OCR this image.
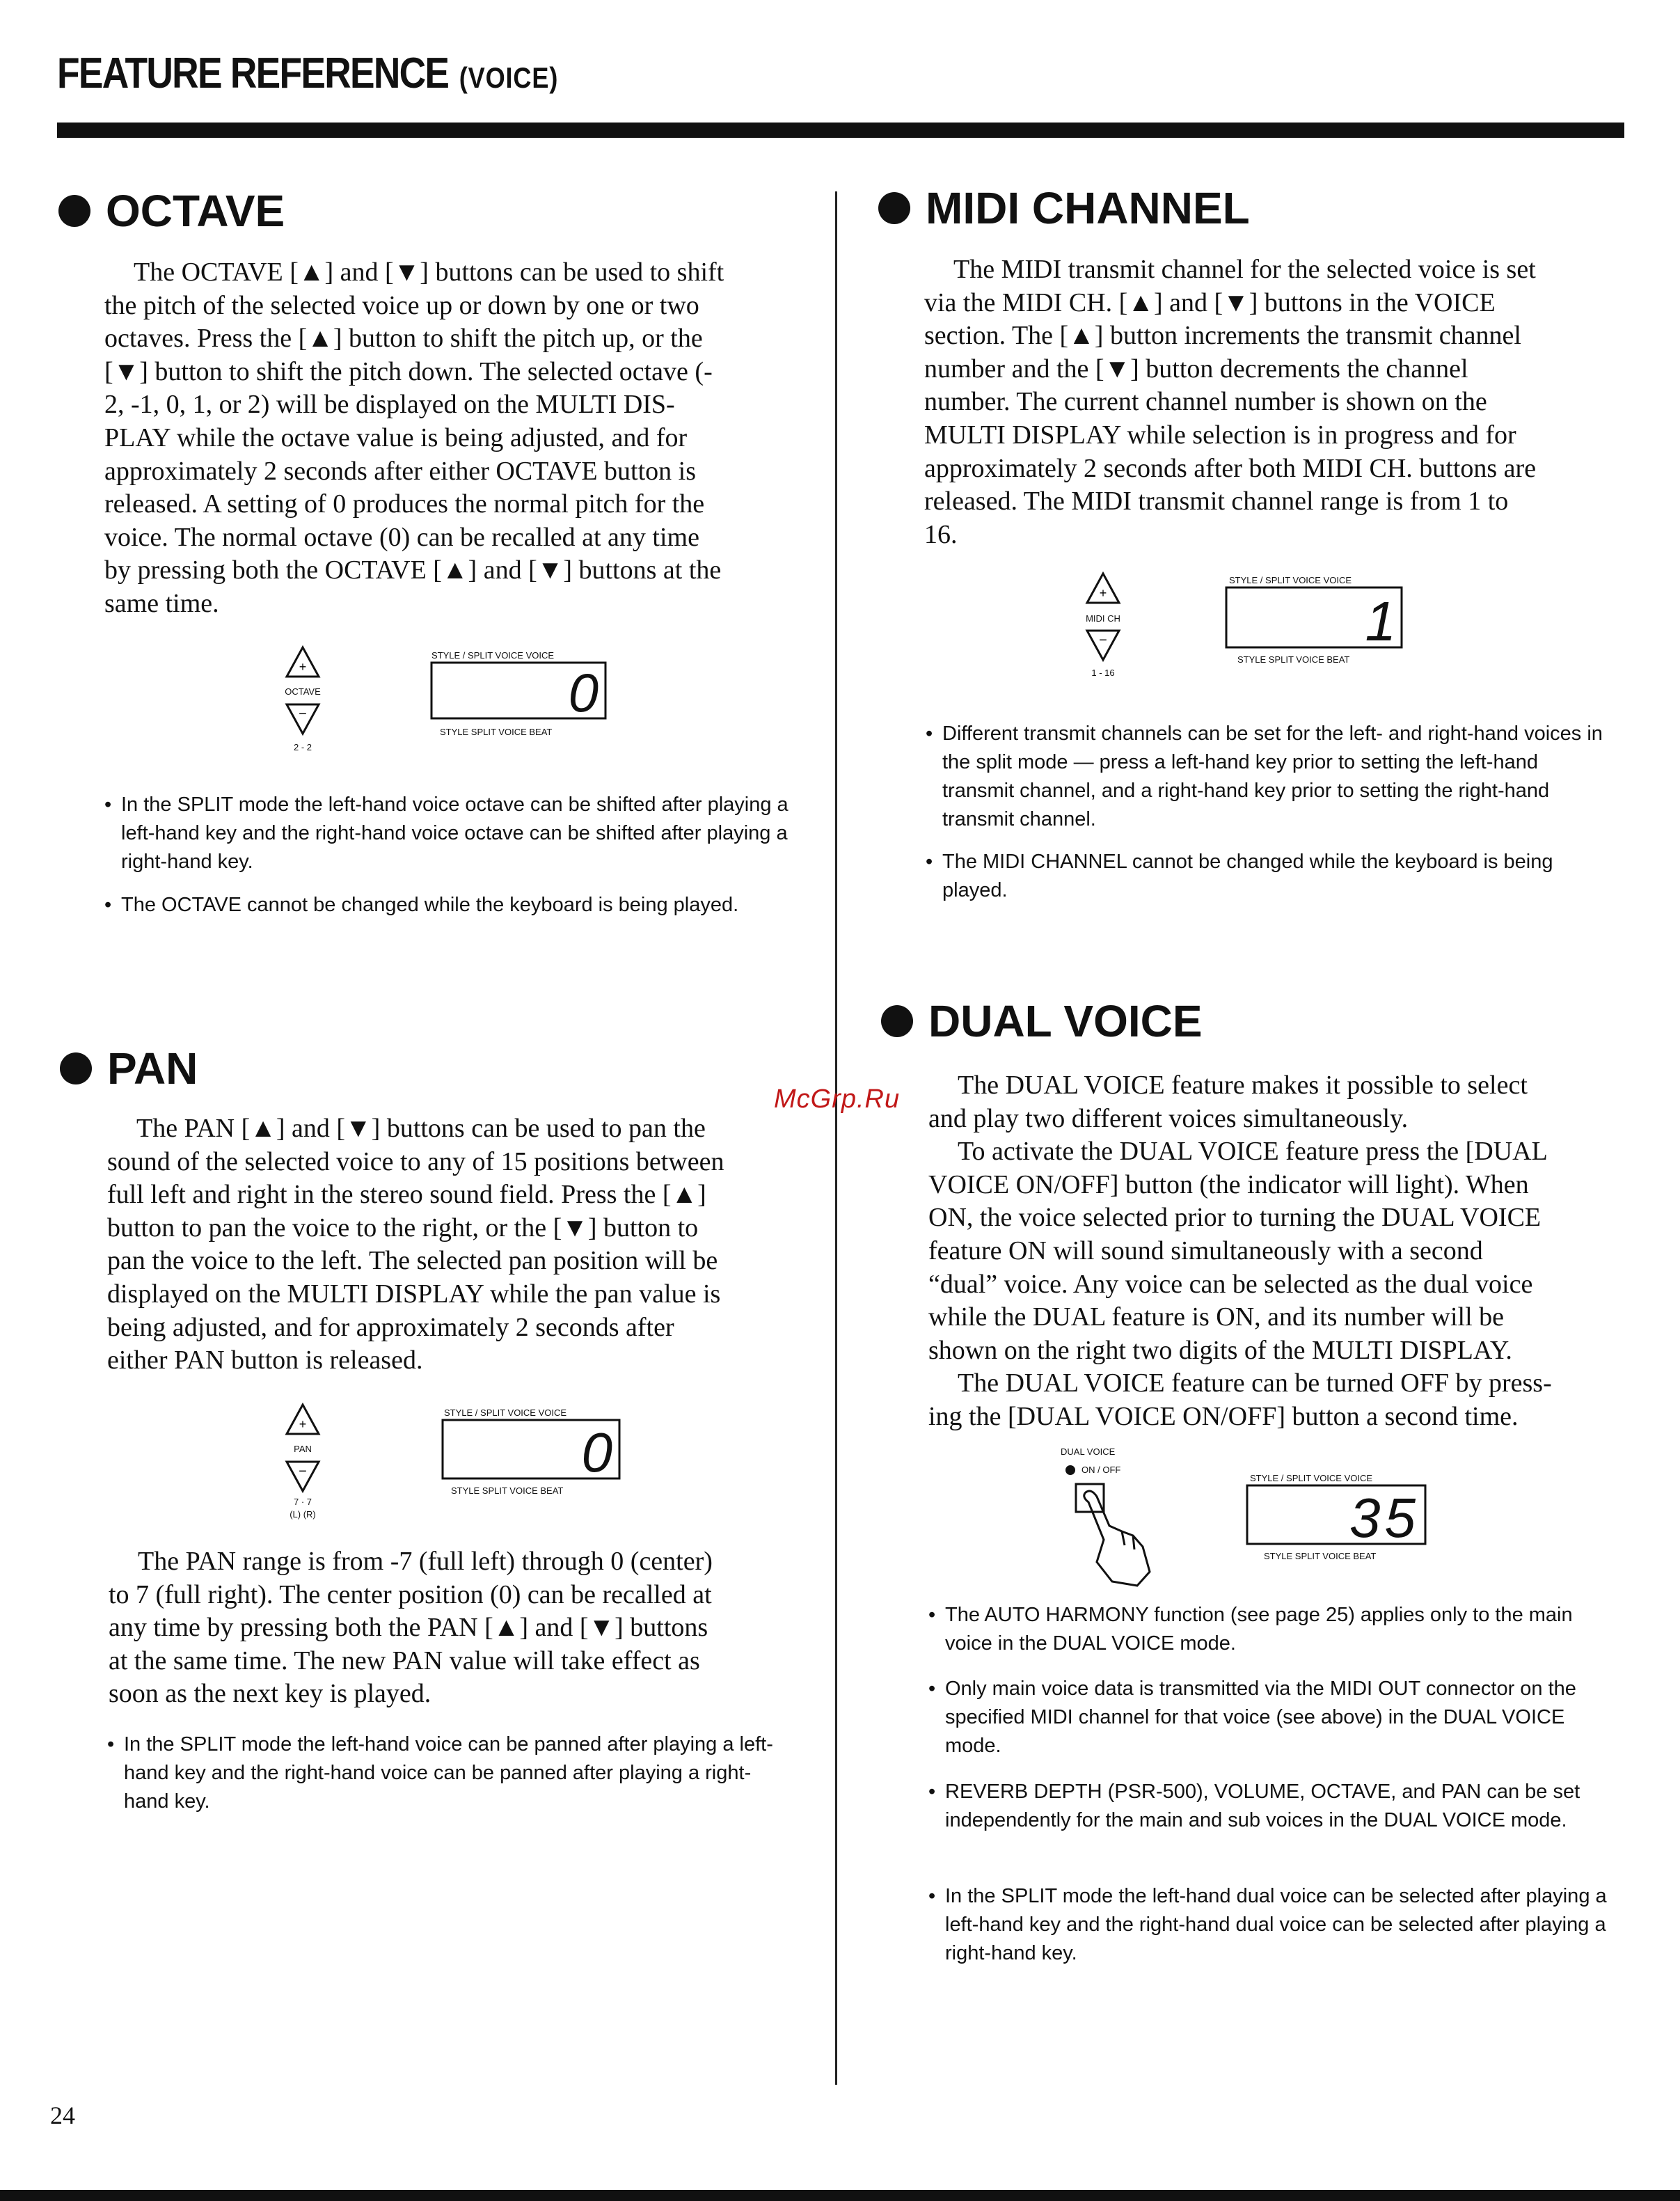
FEATURE REFERENCE (VOICE)
OCTAVE
The OCTAVE [▲] and [▼] buttons can be used to shift
the pitch of the selected voice up or down by one or two
octaves. Press the [▲] button to shift the pitch up, or the
[▼] button to shift the pitch down. The selected octave (-
2, -1, 0, 1, or 2) will be displayed on the MULTI DIS-
PLAY while the octave value is being adjusted, and for
approximately 2 seconds after either OCTAVE button is
released. A setting of 0 produces the normal pitch for the
voice. The normal octave (0) can be recalled at any time
by pressing both the OCTAVE [▲] and [▼] buttons at the
same time.
+
OCTAVE
−
2 - 2
STYLE / SPLIT VOICE VOICE
0
STYLE SPLIT VOICE BEAT
• In the SPLIT mode the left-hand voice octave can be shifted after playing a left-hand key and the right-hand voice octave can be shifted after playing a right-hand key.
• The OCTAVE cannot be changed while the keyboard is being played.
PAN
The PAN [▲] and [▼] buttons can be used to pan the
sound of the selected voice to any of 15 positions between
full left and right in the stereo sound field. Press the [▲]
button to pan the voice to the right, or the [▼] button to
pan the voice to the left. The selected pan position will be
displayed on the MULTI DISPLAY while the pan value is
being adjusted, and for approximately 2 seconds after
either PAN button is released.
+
PAN
−
7 · 7
(L) (R)
STYLE / SPLIT VOICE VOICE
0
STYLE SPLIT VOICE BEAT
The PAN range is from -7 (full left) through 0 (center)
to 7 (full right). The center position (0) can be recalled at
any time by pressing both the PAN [▲] and [▼] buttons
at the same time. The new PAN value will take effect as
soon as the next key is played.
• In the SPLIT mode the left-hand voice can be panned after playing a left-hand key and the right-hand voice can be panned after playing a right-hand key.
MIDI CHANNEL
The MIDI transmit channel for the selected voice is set
via the MIDI CH. [▲] and [▼] buttons in the VOICE
section. The [▲] button increments the transmit channel
number and the [▼] button decrements the channel
number. The current channel number is shown on the
MULTI DISPLAY while selection is in progress and for
approximately 2 seconds after both MIDI CH. buttons are
released. The MIDI transmit channel range is from 1 to
16.
+
MIDI CH
−
1 - 16
STYLE / SPLIT VOICE VOICE
1
STYLE SPLIT VOICE BEAT
• Different transmit channels can be set for the left- and right-hand voices in the split mode — press a left-hand key prior to setting the left-hand transmit channel, and a right-hand key prior to setting the right-hand transmit channel.
• The MIDI CHANNEL cannot be changed while the keyboard is being played.
DUAL VOICE
The DUAL VOICE feature makes it possible to select
and play two different voices simultaneously.
To activate the DUAL VOICE feature press the [DUAL
VOICE ON/OFF] button (the indicator will light). When
ON, the voice selected prior to turning the DUAL VOICE
feature ON will sound simultaneously with a second
“dual” voice. Any voice can be selected as the dual voice
while the DUAL feature is ON, and its number will be
shown on the right two digits of the MULTI DISPLAY.
The DUAL VOICE feature can be turned OFF by press-
ing the [DUAL VOICE ON/OFF] button a second time.
DUAL VOICE
ON / OFF
STYLE / SPLIT VOICE VOICE
35
STYLE SPLIT VOICE BEAT
• The AUTO HARMONY function (see page 25) applies only to the main voice in the DUAL VOICE mode.
• Only main voice data is transmitted via the MIDI OUT connector on the specified MIDI channel for that voice (see above) in the DUAL VOICE mode.
• REVERB DEPTH (PSR-500), VOLUME, OCTAVE, and PAN can be set independently for the main and sub voices in the DUAL VOICE mode.
• In the SPLIT mode the left-hand dual voice can be selected after playing a left-hand key and the right-hand dual voice can be selected after playing a right-hand key.
McGrp.Ru
24
